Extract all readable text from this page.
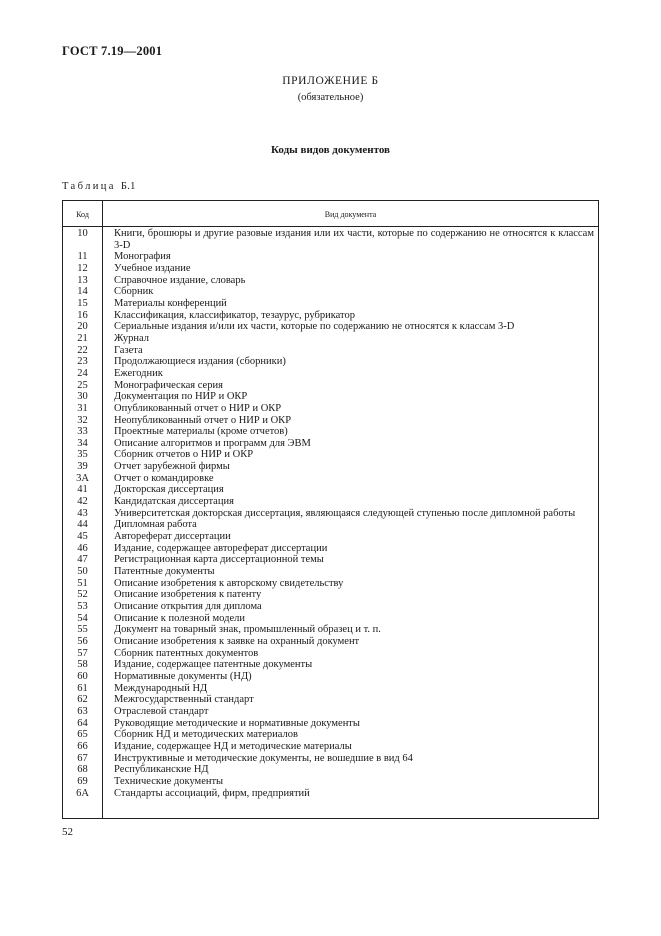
ГОСТ 7.19—2001
ПРИЛОЖЕНИЕ Б
(обязательное)
Коды видов документов
Таблица Б.1
Код	Вид документа
10	Книги, брошюры и другие разовые издания или их части, которые по содержанию не относятся к классам 3-D
11	Монография
12	Учебное издание
13	Справочное издание, словарь
14	Сборник
15	Материалы конференций
16	Классификация, классификатор, тезаурус, рубрикатор
20	Сериальные издания и/или их части, которые по содержанию не относятся к классам 3-D
21	Журнал
22	Газета
23	Продолжающиеся издания (сборники)
24	Ежегодник
25	Монографическая серия
30	Документация по НИР и ОКР
31	Опубликованный отчет о НИР и ОКР
32	Неопубликованный отчет о НИР и ОКР
33	Проектные материалы (кроме отчетов)
34	Описание алгоритмов и программ для ЭВМ
35	Сборник отчетов о НИР и ОКР
39	Отчет зарубежной фирмы
3А	Отчет о командировке
41	Докторская диссертация
42	Кандидатская диссертация
43	Университетская докторская диссертация, являющаяся следующей ступенью после дипломной работы
44	Дипломная работа
45	Автореферат диссертации
46	Издание, содержащее автореферат диссертации
47	Регистрационная карта диссертационной темы
50	Патентные документы
51	Описание изобретения к авторскому свидетельству
52	Описание изобретения к патенту
53	Описание открытия для диплома
54	Описание к полезной модели
55	Документ на товарный знак, промышленный образец и т. п.
56	Описание изобретения к заявке на охранный документ
57	Сборник патентных документов
58	Издание, содержащее патентные документы
60	Нормативные документы (НД)
61	Международный НД
62	Межгосударственный стандарт
63	Отраслевой стандарт
64	Руководящие методические и нормативные документы
65	Сборник НД и методических материалов
66	Издание, содержащее НД и методические материалы
67	Инструктивные и методические документы, не вошедшие в вид 64
68	Республиканские НД
69	Технические документы
6А	Стандарты ассоциаций, фирм, предприятий
52
